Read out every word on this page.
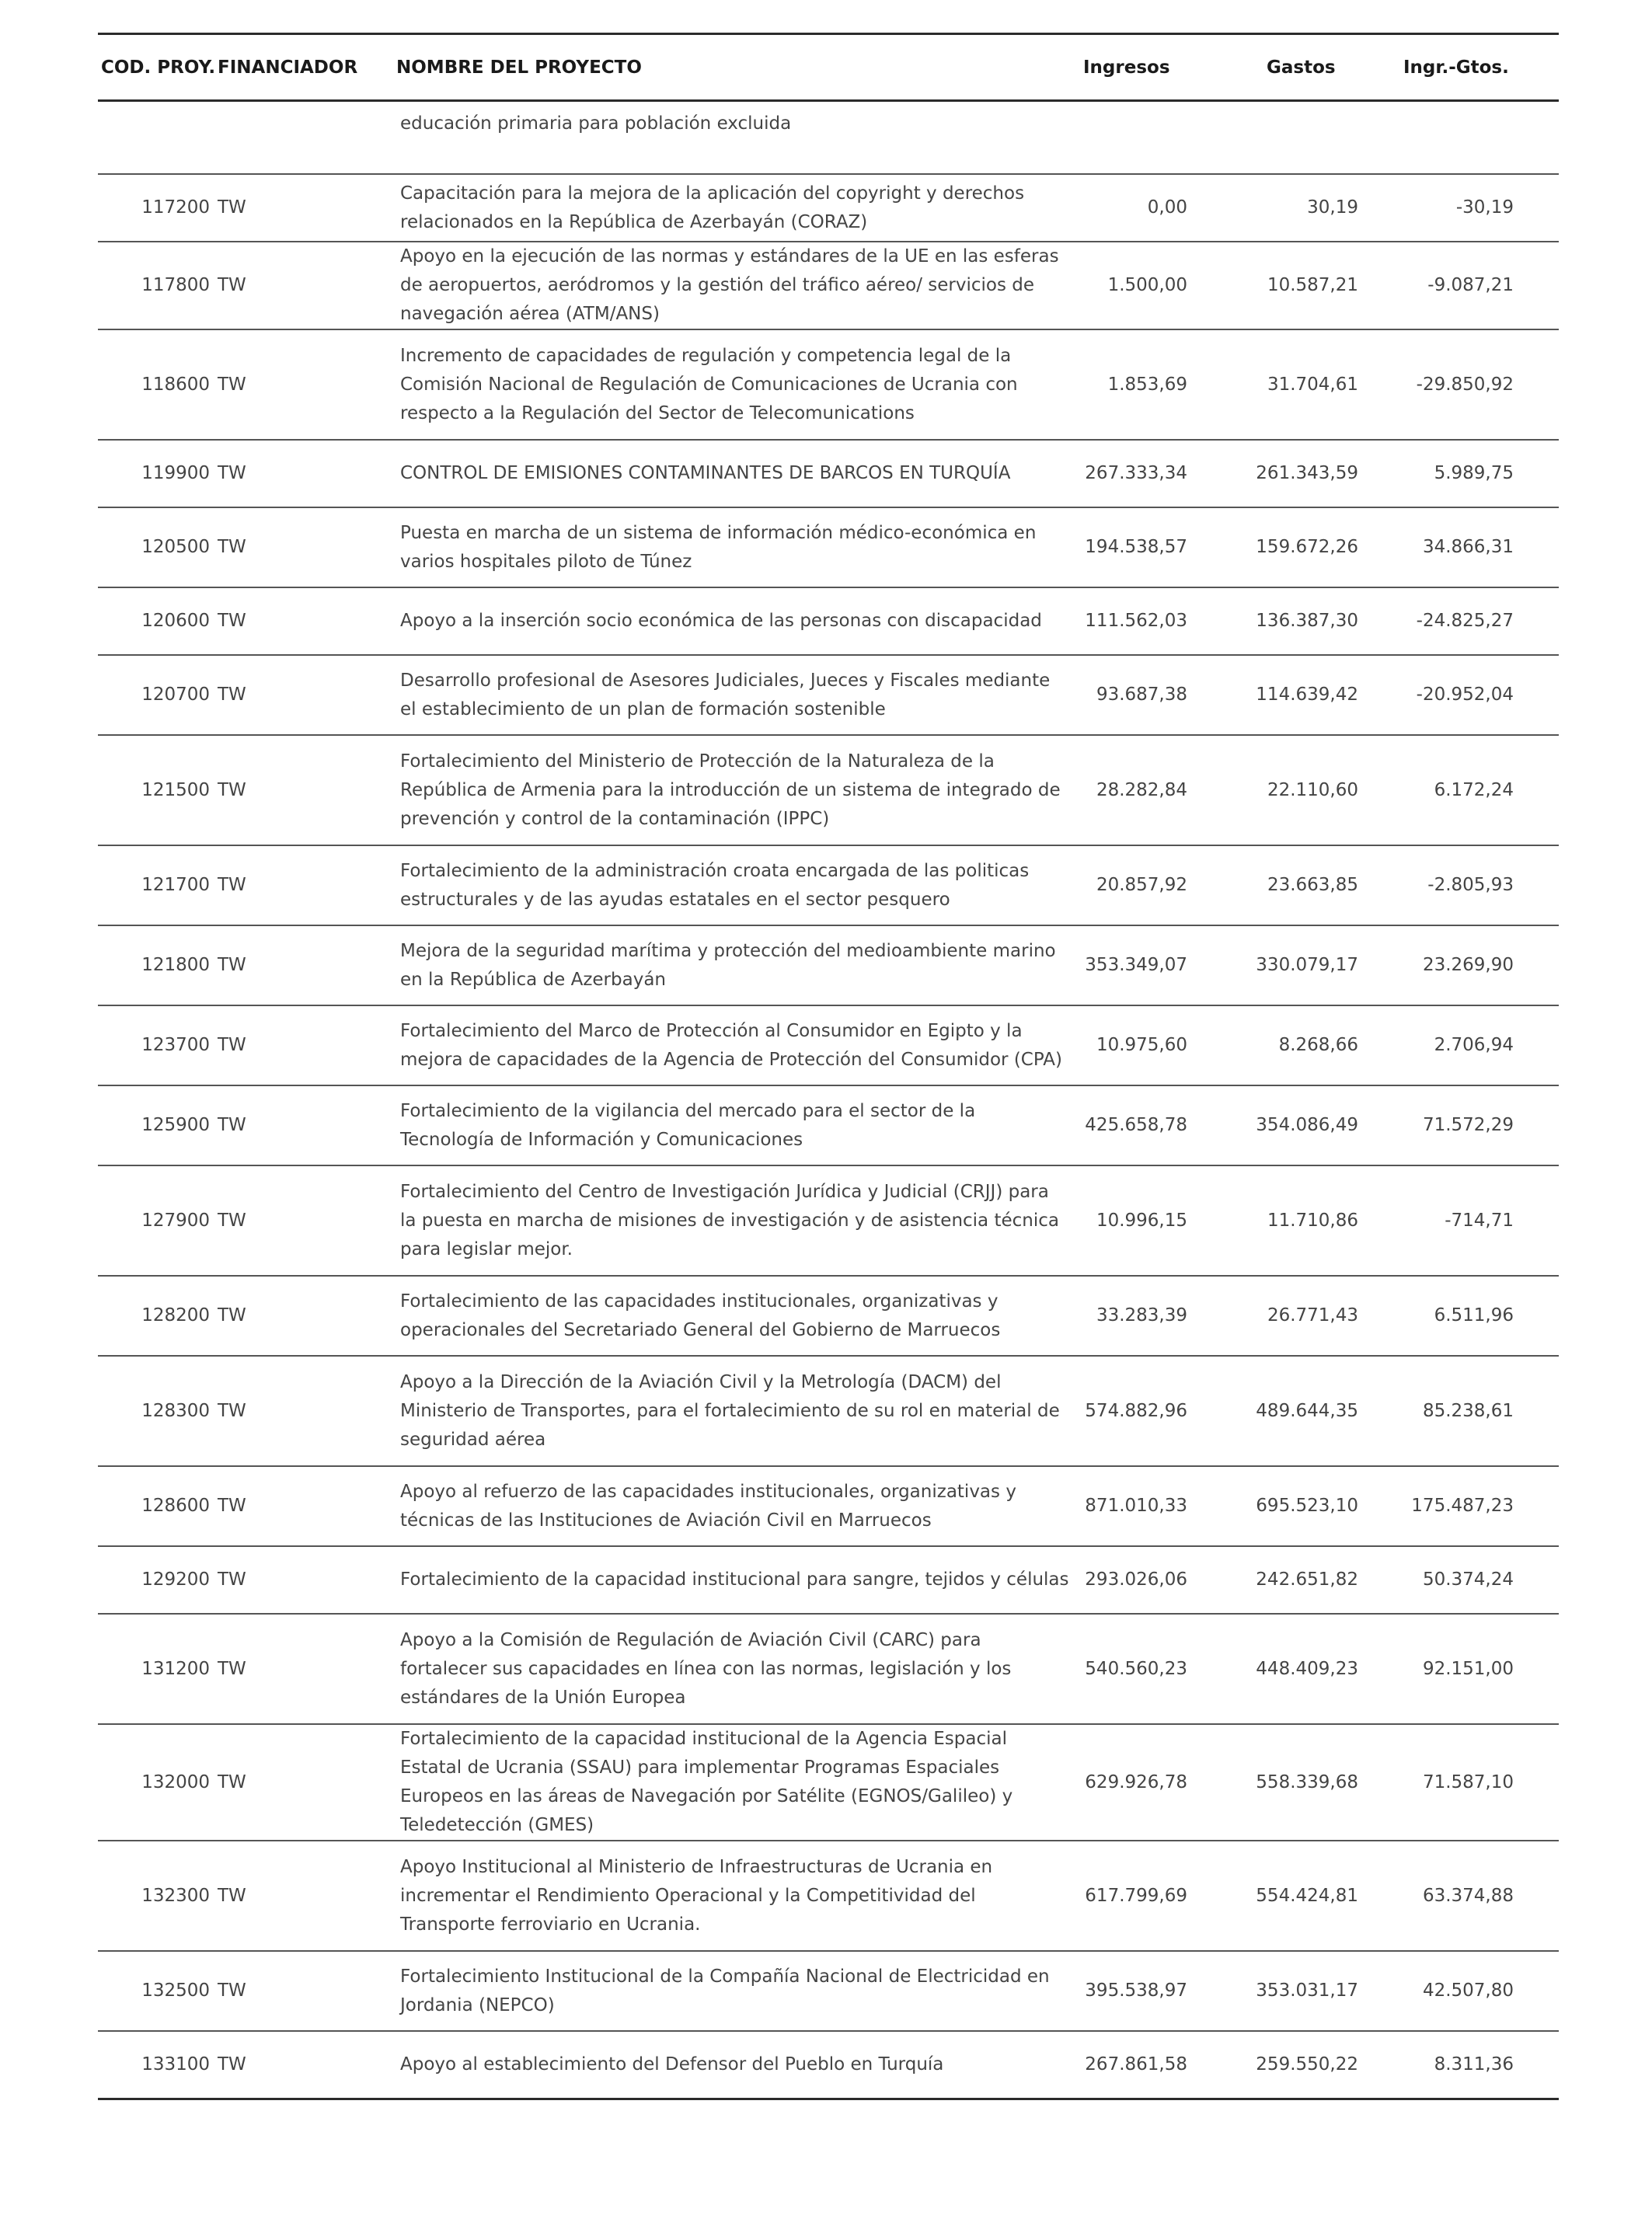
COD. PROY.	FINANCIADOR	NOMBRE DEL PROYECTO	Ingresos	Gastos	Ingr.-Gtos.
		educación primaria para población excluida			
117200	TW	Capacitación para la mejora de la aplicación del copyright y derechos relacionados en la República de Azerbayán (CORAZ)	0,00	30,19	-30,19
117800	TW	Apoyo en la ejecución de las normas y estándares de la UE en las esferas de aeropuertos, aeródromos y la gestión del tráfico aéreo/ servicios de navegación aérea (ATM/ANS)	1.500,00	10.587,21	-9.087,21
118600	TW	Incremento de capacidades de regulación y competencia legal de la Comisión Nacional de Regulación de Comunicaciones de Ucrania con respecto a la Regulación del Sector de Telecomunications	1.853,69	31.704,61	-29.850,92
119900	TW	CONTROL DE EMISIONES CONTAMINANTES DE BARCOS EN TURQUÍA	267.333,34	261.343,59	5.989,75
120500	TW	Puesta en marcha de un sistema de información médico-económica en varios hospitales piloto de Túnez	194.538,57	159.672,26	34.866,31
120600	TW	Apoyo a la inserción socio económica de las personas con discapacidad	111.562,03	136.387,30	-24.825,27
120700	TW	Desarrollo profesional de Asesores Judiciales, Jueces y Fiscales mediante el establecimiento de un plan de formación sostenible	93.687,38	114.639,42	-20.952,04
121500	TW	Fortalecimiento del Ministerio de Protección de la Naturaleza de la República de Armenia para la introducción de un sistema de integrado de prevención y control de la contaminación (IPPC)	28.282,84	22.110,60	6.172,24
121700	TW	Fortalecimiento de la administración croata encargada de las politicas estructurales y de las ayudas estatales en el sector pesquero	20.857,92	23.663,85	-2.805,93
121800	TW	Mejora de la seguridad marítima y protección del medioambiente marino en la República de Azerbayán	353.349,07	330.079,17	23.269,90
123700	TW	Fortalecimiento del Marco de Protección al Consumidor en Egipto y la mejora de capacidades de la Agencia de Protección del Consumidor (CPA)	10.975,60	8.268,66	2.706,94
125900	TW	Fortalecimiento de la vigilancia del mercado para el sector de la Tecnología de Información y Comunicaciones	425.658,78	354.086,49	71.572,29
127900	TW	Fortalecimiento del Centro de Investigación Jurídica y Judicial (CRJJ) para la puesta en marcha de misiones de investigación y de asistencia técnica para legislar mejor.	10.996,15	11.710,86	-714,71
128200	TW	Fortalecimiento de las capacidades institucionales, organizativas y operacionales del Secretariado General del Gobierno de Marruecos	33.283,39	26.771,43	6.511,96
128300	TW	Apoyo a la Dirección de la Aviación Civil y la Metrología (DACM) del Ministerio de Transportes, para el fortalecimiento de su rol en material de seguridad aérea	574.882,96	489.644,35	85.238,61
128600	TW	Apoyo al refuerzo de las capacidades institucionales, organizativas y técnicas de las Instituciones de Aviación Civil en Marruecos	871.010,33	695.523,10	175.487,23
129200	TW	Fortalecimiento de la capacidad institucional para sangre, tejidos y células	293.026,06	242.651,82	50.374,24
131200	TW	Apoyo a la Comisión de Regulación de Aviación Civil (CARC) para fortalecer sus capacidades en línea con las normas, legislación y los estándares de la Unión Europea	540.560,23	448.409,23	92.151,00
132000	TW	Fortalecimiento de la capacidad institucional de la Agencia Espacial Estatal de Ucrania (SSAU) para implementar Programas Espaciales Europeos en las áreas de Navegación por Satélite (EGNOS/Galileo) y Teledetección (GMES)	629.926,78	558.339,68	71.587,10
132300	TW	Apoyo Institucional al Ministerio de Infraestructuras de Ucrania en incrementar el Rendimiento Operacional y la Competitividad del Transporte ferroviario en Ucrania.	617.799,69	554.424,81	63.374,88
132500	TW	Fortalecimiento Institucional de la Compañía Nacional de Electricidad en Jordania (NEPCO)	395.538,97	353.031,17	42.507,80
133100	TW	Apoyo al establecimiento del Defensor del Pueblo en Turquía	267.861,58	259.550,22	8.311,36
